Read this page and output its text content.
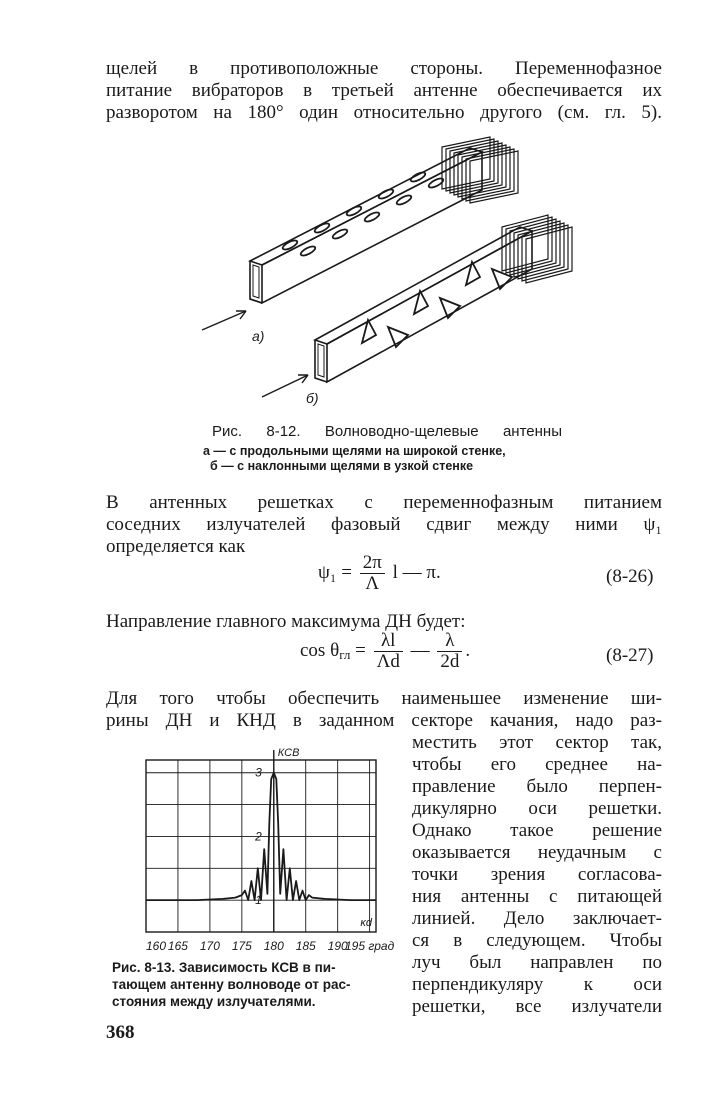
щелей в противоположные стороны. Переменнофазное
питание вибраторов в третьей антенне обеспечивается их
разворотом на 180° один относительно другого (см. гл. 5).
а)
б)
Рис. 8-12. Волноводно-щелевые антенны
а — с продольными щелями на широкой стенке,
б — с наклонными щелями в узкой стенке
В антенных решетках с переменнофазным питанием
соседних излучателей фазовый сдвиг между ними ψ₁
определяется как
$\psi_1 = \frac{2\pi}{\Lambda}$ l — π.	(8-26)
Направление главного максимума ДН будет:
$\cos \theta_{гл} = \frac{\lambda l}{\Lambda d}$ — $\frac{\lambda}{2d}$ .	(8-27)
Для того чтобы обеспечить наименьшее изменение ши-
рины ДН и КНД в заданном секторе качания, надо раз-
местить этот сектор так,
чтобы его среднее на-
правление было перпен-
дикулярно оси решетки.
Однако такое решение
оказывается неудачным с
точки зрения согласова-
ния антенны с питающей
линией. Дело заключает-
ся в следующем. Чтобы
луч был направлен по
перпендикуляру к оси
решетки, все излучатели
1
2
3
КСВ
κd
160 165 170 175 180 185 190
195 град
Рис. 8-13. Зависимость КСВ в пи-
тающем антенну волноводе от рас-
стояния между излучателями.
368
